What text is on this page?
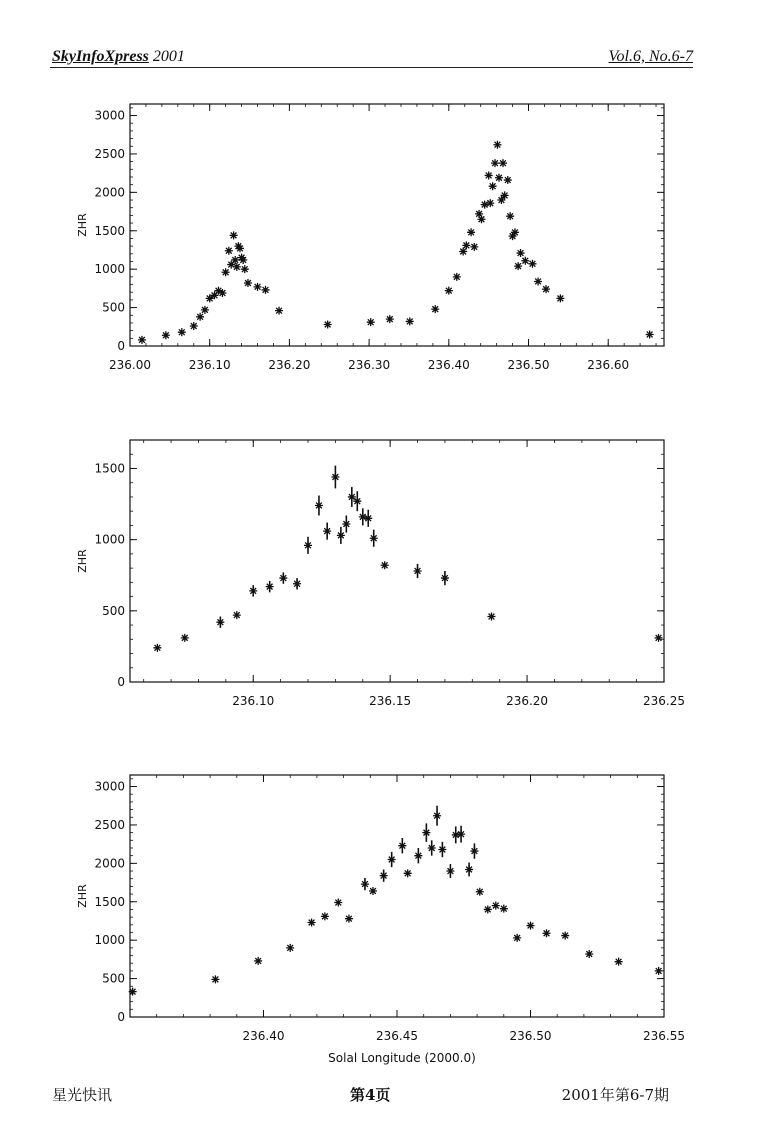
SkyInfoXpress 2001	Vol.6, No.6-7
0
500
1000
1500
2000
2500
3000
236.00	236.10	236.20	236.30	236.40	236.50	236.60
ZHR
0
500
1000
1500
236.10	236.15	236.20	236.25
ZHR
0
500
1000
1500
2000
2500
3000
236.40	236.45	236.50	236.55
ZHR
Solal Longitude (2000.0)
星光快讯	第4页	2001年第6-7期
